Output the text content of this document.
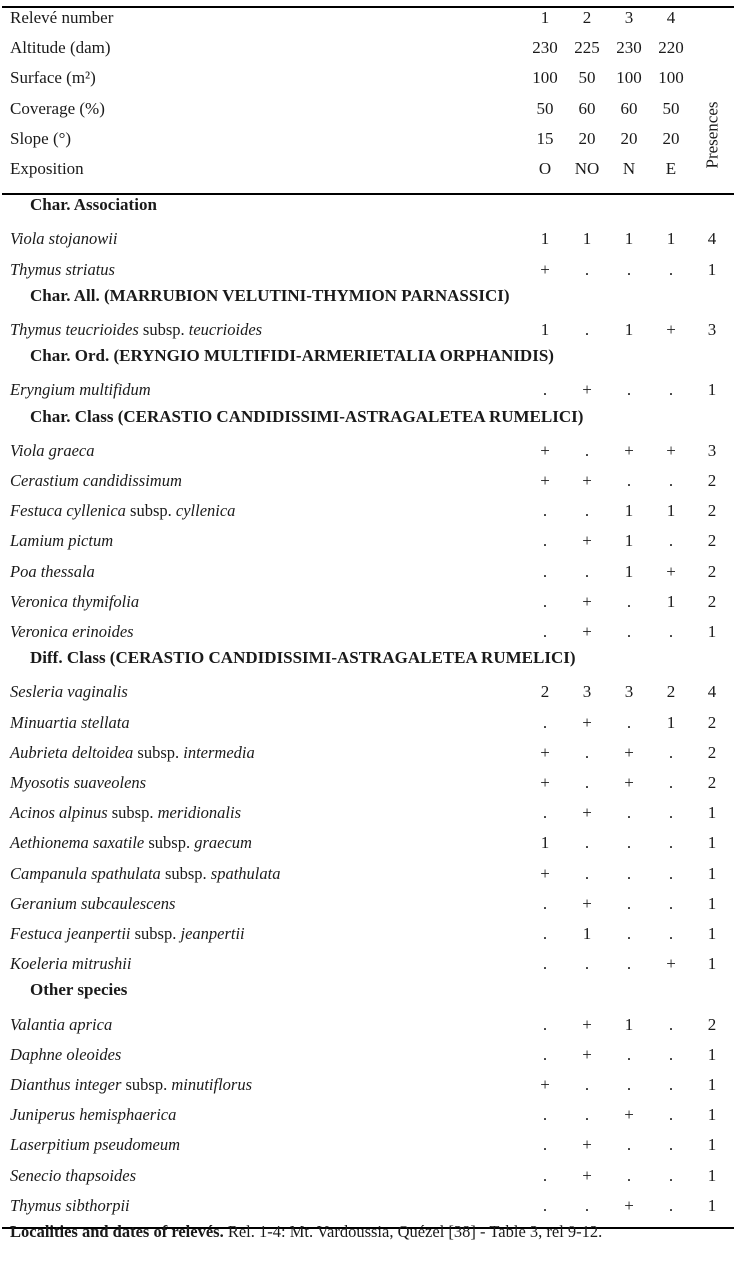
Relevé number	1	2	3	4
Altitude (dam)	230 225 230 220
Surface (m²)	100	50	100 100
Coverage (%)	50	60	60	50
Slope (°)	15	20	20	20
Exposition	O	NO	N	E	Presences
Char. Association
Viola stojanowii	1	1	1	1	4
Thymus striatus	+	.	.	.	1
Char. All. (MARRUBION VELUTINI-THYMION PARNASSICI)
Thymus teucrioides subsp. teucrioides	1	.	1	+	3
Char. Ord. (ERYNGIO MULTIFIDI-ARMERIETALIA ORPHANIDIS)
Eryngium multifidum	.	+	.	.	1
Char. Class (CERASTIO CANDIDISSIMI-ASTRAGALETEA RUMELICI)
Viola graeca	+	.	+	+	3
Cerastium candidissimum	+	+	.	.	2
Festuca cyllenica subsp. cyllenica	.	.	1	1	2
Lamium pictum	.	+	1	.	2
Poa thessala	.	.	1	+	2
Veronica thymifolia	.	+	.	1	2
Veronica erinoides	.	+	.	.	1
Diff. Class (CERASTIO CANDIDISSIMI-ASTRAGALETEA RUMELICI)
Sesleria vaginalis	2	3	3	2	4
Minuartia stellata	.	+	.	1	2
Aubrieta deltoidea subsp. intermedia	+	.	+	.	2
Myosotis suaveolens	+	.	+	.	2
Acinos alpinus subsp. meridionalis	.	+	.	.	1
Aethionema saxatile subsp. graecum	1	.	.	.	1
Campanula spathulata subsp. spathulata	+	.	.	.	1
Geranium subcaulescens	.	+	.	.	1
Festuca jeanpertii subsp. jeanpertii	.	1	.	.	1
Koeleria mitrushii	.	.	.	+	1
Other species
Valantia aprica	.	+	1	.	2
Daphne oleoides	.	+	.	.	1
Dianthus integer subsp. minutiflorus	+	.	.	.	1
Juniperus hemisphaerica	.	.	+	.	1
Laserpitium pseudomeum	.	+	.	.	1
Senecio thapsoides	.	+	.	.	1
Thymus sibthorpii	.	.	+	.	1
Localities and dates of relevés. Rel. 1-4: Mt. Vardoussia, Quézel [38] - Table 3, rel 9-12.
